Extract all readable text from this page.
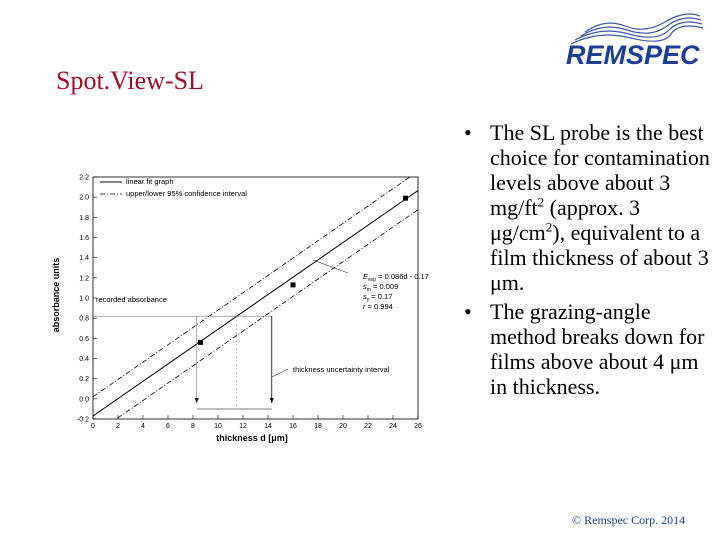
Spot.View-SL
REMSPEC
0	2	4	6	8	10 12 14 16 18 20 22 24 26
-0.2
0.0
0.2
0.4
0.6
0.8
1.0
1.2
1.4
1.6
1.8
2.0
2.2
thickness d [μm]
absorbance units
linear fit graph
upper/lower 95% confidence interval
recorded absorbance
thickness uncertainty interval
$E_{exp} = 0.086d - 0.17$
$s_m = 0.009$
$s_y = 0.17$
r = 0.994
• The SL probe is the best choice for contamination levels above about 3 $mg/ft^2$ (approx. 3 $\mu g/cm^2$), equivalent to a film thickness of about 3 μm.
• The grazing-angle method breaks down for films above about 4 μm in thickness.
© Remspec Corp. 2014
